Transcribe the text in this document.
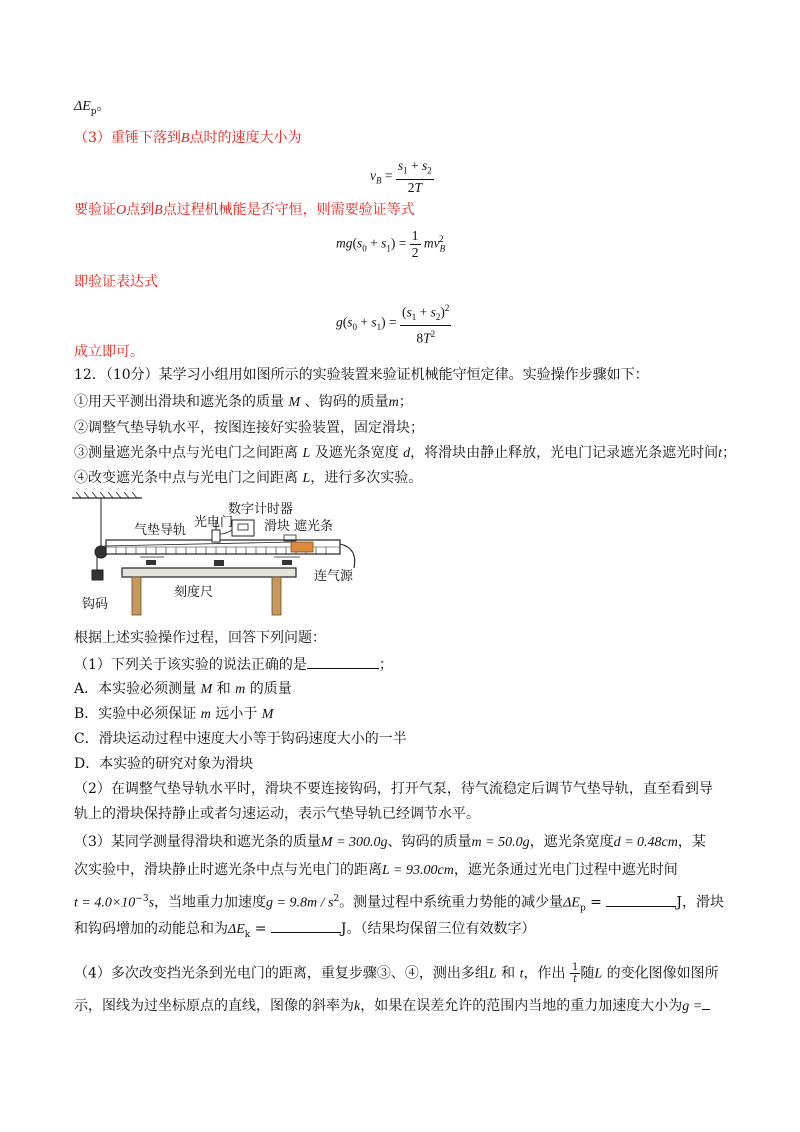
$\Delta E_p$。
（3）重锤下落到B点时的速度大小为
$v_B = \frac{s_1 + s_2}{2T}$
要验证O点到B点过程机械能是否守恒，则需要验证等式
$mg(s_0 + s_1) = \frac{1}{2} mv_B^2$
即验证表达式
$g(s_0 + s_1) = \frac{(s_1 + s_2)^2}{8T^2}$
成立即可。
12．（10分）某学习小组用如图所示的实验装置来验证机械能守恒定律。实验操作步骤如下：
①用天平测出滑块和遮光条的质量 M 、钩码的质量m；
②调整气垫导轨水平，按图连接好实验装置，固定滑块；
③测量遮光条中点与光电门之间距离 L 及遮光条宽度 d，将滑块由静止释放，光电门记录遮光条遮光时间t；
④改变遮光条中点与光电门之间距离 L，进行多次实验。
数字计时器
气垫导轨
光电门 滑块 遮光条
连气源
刻度尺
钩码
根据上述实验操作过程，回答下列问题：
（1）下列关于该实验的说法正确的是	；
A．本实验必须测量 M 和 m 的质量
B．实验中必须保证 m 远小于 M
C．滑块运动过程中速度大小等于钩码速度大小的一半
D．本实验的研究对象为滑块
（2）在调整气垫导轨水平时，滑块不要连接钩码，打开气泵，待气流稳定后调节气垫导轨，直至看到导
轨上的滑块保持静止或者匀速运动，表示气垫导轨已经调节水平。
（3）某同学测量得滑块和遮光条的质量M = 300.0g、钩码的质量m = 50.0g，遮光条宽度d = 0.48cm，某
次实验中，滑块静止时遮光条中点与光电门的距离L = 93.00cm，遮光条通过光电门过程中遮光时间
$t = 4.0\times 10^{-3}s$，当地重力加速度$g = 9.8m / s^2$。测量过程中系统重力势能的减少量$\Delta E_p$ =	J，滑块
和钩码增加的动能总和为$\Delta E_k$ =	J。（结果均保留三位有效数字）
（4）多次改变挡光条到光电门的距离，重复步骤③、④，测出多组L 和 t，作出 $\frac{1}{t}$ 随L 的变化图像如图所
示，图线为过坐标原点的直线，图像的斜率为k，如果在误差允许的范围内当地的重力加速度大小为g =
